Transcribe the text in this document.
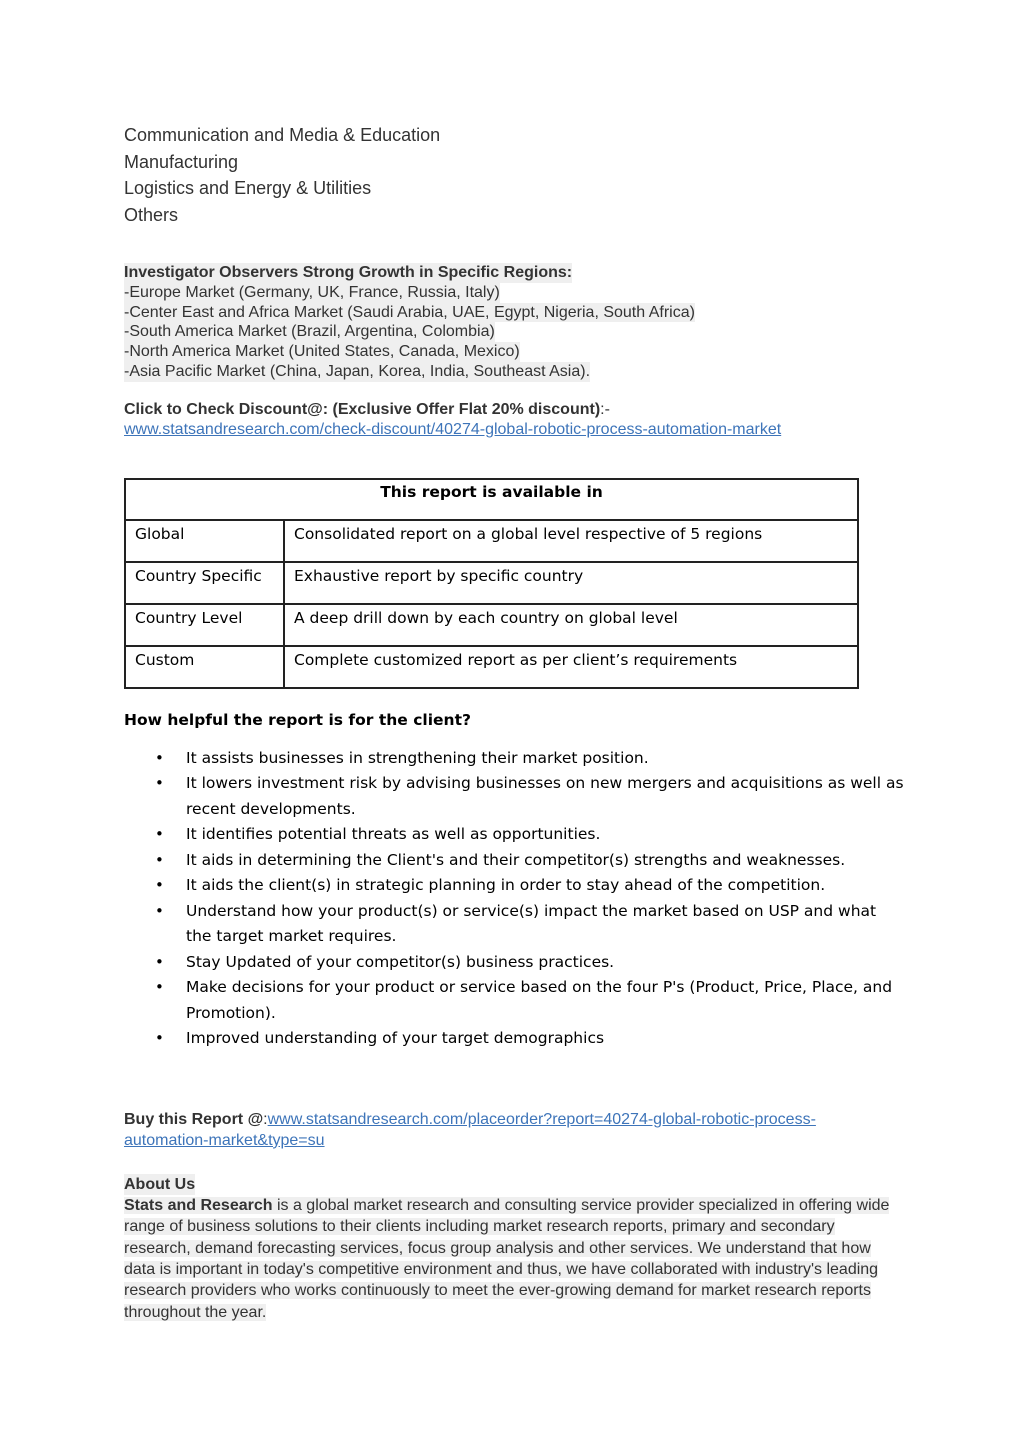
Communication and Media & Education
Manufacturing
Logistics and Energy & Utilities
Others
Investigator Observers Strong Growth in Specific Regions:
-Europe Market (Germany, UK, France, Russia, Italy)
-Center East and Africa Market (Saudi Arabia, UAE, Egypt, Nigeria, South Africa)
-South America Market (Brazil, Argentina, Colombia)
-North America Market (United States, Canada, Mexico)
-Asia Pacific Market (China, Japan, Korea, India, Southeast Asia).
Click to Check Discount@: (Exclusive Offer Flat 20% discount):-
www.statsandresearch.com/check-discount/40274-global-robotic-process-automation-market
This report is available in	
Global	Consolidated report on a global level respective of 5 regions
Country Specific	Exhaustive report by specific country
Country Level	A deep drill down by each country on global level
Custom	Complete customized report as per client’s requirements
How helpful the report is for the client?
• It assists businesses in strengthening their market position.
• It lowers investment risk by advising businesses on new mergers and acquisitions as well as recent developments.
• It identifies potential threats as well as opportunities.
• It aids in determining the Client's and their competitor(s) strengths and weaknesses.
• It aids the client(s) in strategic planning in order to stay ahead of the competition.
• Understand how your product(s) or service(s) impact the market based on USP and what the target market requires.
• Stay Updated of your competitor(s) business practices.
• Make decisions for your product or service based on the four P's (Product, Price, Place, and Promotion).
• Improved understanding of your target demographics
Buy this Report @:www.statsandresearch.com/placeorder?report=40274-global-robotic-process-automation-market&type=su
About Us
Stats and Research is a global market research and consulting service provider specialized in offering wide range of business solutions to their clients including market research reports, primary and secondary research, demand forecasting services, focus group analysis and other services. We understand that how data is important in today's competitive environment and thus, we have collaborated with industry's leading research providers who works continuously to meet the ever-growing demand for market research reports throughout the year.
